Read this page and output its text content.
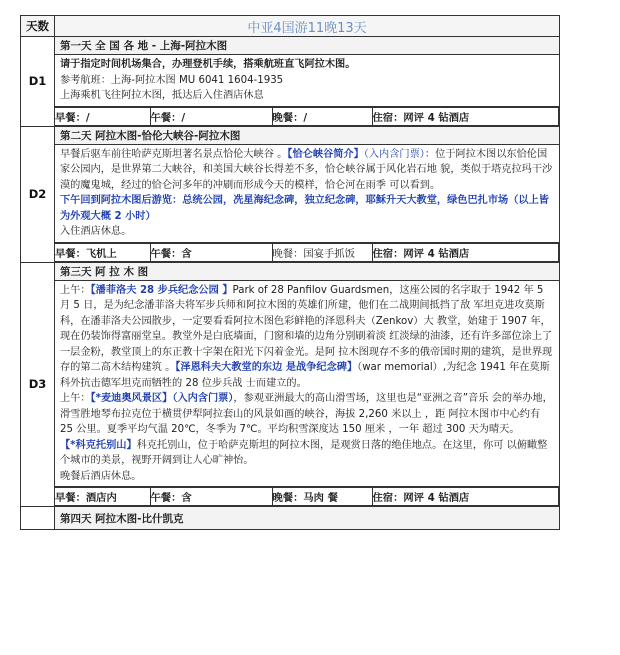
天数	中亚4国游11晚13天
D1	第一天 全 国 各 地 - 上海-阿拉木图

请于指定时间机场集合，办理登机手续，搭乘航班直飞阿拉木图。
参考航班：上海-阿拉木图 MU 6041 1604-1935
上海乘机飞往阿拉木图，抵达后入住酒店休息

早餐：/	午餐：/	晚餐：/	住宿：网评 4 钻酒店

D2	第二天 阿拉木图-恰伦大峡谷-阿拉木图

早餐后驱车前往哈萨克斯坦著名景点恰伦大峡谷 。【恰仑峡谷简介】（入内含门票）：位于阿拉木图以东恰伦国家公园内，是世界第二大峡谷，和美国大峡谷长得差不多，恰仑峡谷属于风化岩石地 貌，类似于塔克拉玛干沙漠的魔鬼城，经过的恰仑河多年的冲刷而形成今天的模样，恰仑河在雨季 可以看到。
下午回到阿拉木图后游览：总统公园，冼星海纪念碑，独立纪念碑，耶稣升天大教堂，绿色巴扎市场（以上皆为外观大概 2 小时）
入住酒店休息。

早餐：飞机上	午餐：含	晚餐：国宴手抓饭	住宿：网评 4 钻酒店

D3	第三天 阿 拉 木 图

上午：【潘菲洛夫 28 步兵纪念公园 】Park of 28 Panfilov Guardsmen，这座公园的名字取于 1942 年 5 月 5 日，是为纪念潘菲洛夫将军步兵师和阿拉木图的英雄们所建，他们在二战期间抵挡了敌 军坦克进攻莫斯科，在潘菲洛夫公园散步，一定要看看阿拉木图色彩鲜艳的泽恩科夫（Zenkov）大 教堂，始建于 1907 年，现在仍装饰得富丽堂皇。教堂外是白底墙面，门窗和墙的边角分别刷着淡 红淡绿的油漆，还有许多部位涂上了一层金粉，教堂顶上的东正教十字架在阳光下闪着金光。是阿 拉木图现存不多的俄帝国时期的建筑，是世界现存的第二高木结构建筑 。【泽恩科夫大教堂的东边 是战争纪念碑】（war memorial）,为纪念 1941 年在莫斯科外抗击德军坦克而牺牲的 28 位步兵战 士而建立的。
上午：【*麦迪奥风景区】（入内含门票），参观亚洲最大的高山滑雪场，这里也是“亚洲之音”音乐 会的举办地，滑雪胜地琴布拉克位于横贯伊犁阿拉套山的风景如画的峡谷，海拔 2,260 米以上 ，距 阿拉木图市中心约有 25 公里。夏季平均气温 20℃，冬季为 7℃。平均积雪深度达 150 厘米 ，一年 超过 300 天为晴天。
【*科克托别山】科克托别山，位于哈萨克斯坦的阿拉木图，是观赏日落的绝佳地点。在这里，你可 以俯瞰整个城市的美景，视野开阔到让人心旷神怡。
晚餐后酒店休息。

早餐：酒店内	午餐：含	晚餐：马肉 餐	住宿：网评 4 钻酒店

	第四天 阿拉木图-比什凯克
